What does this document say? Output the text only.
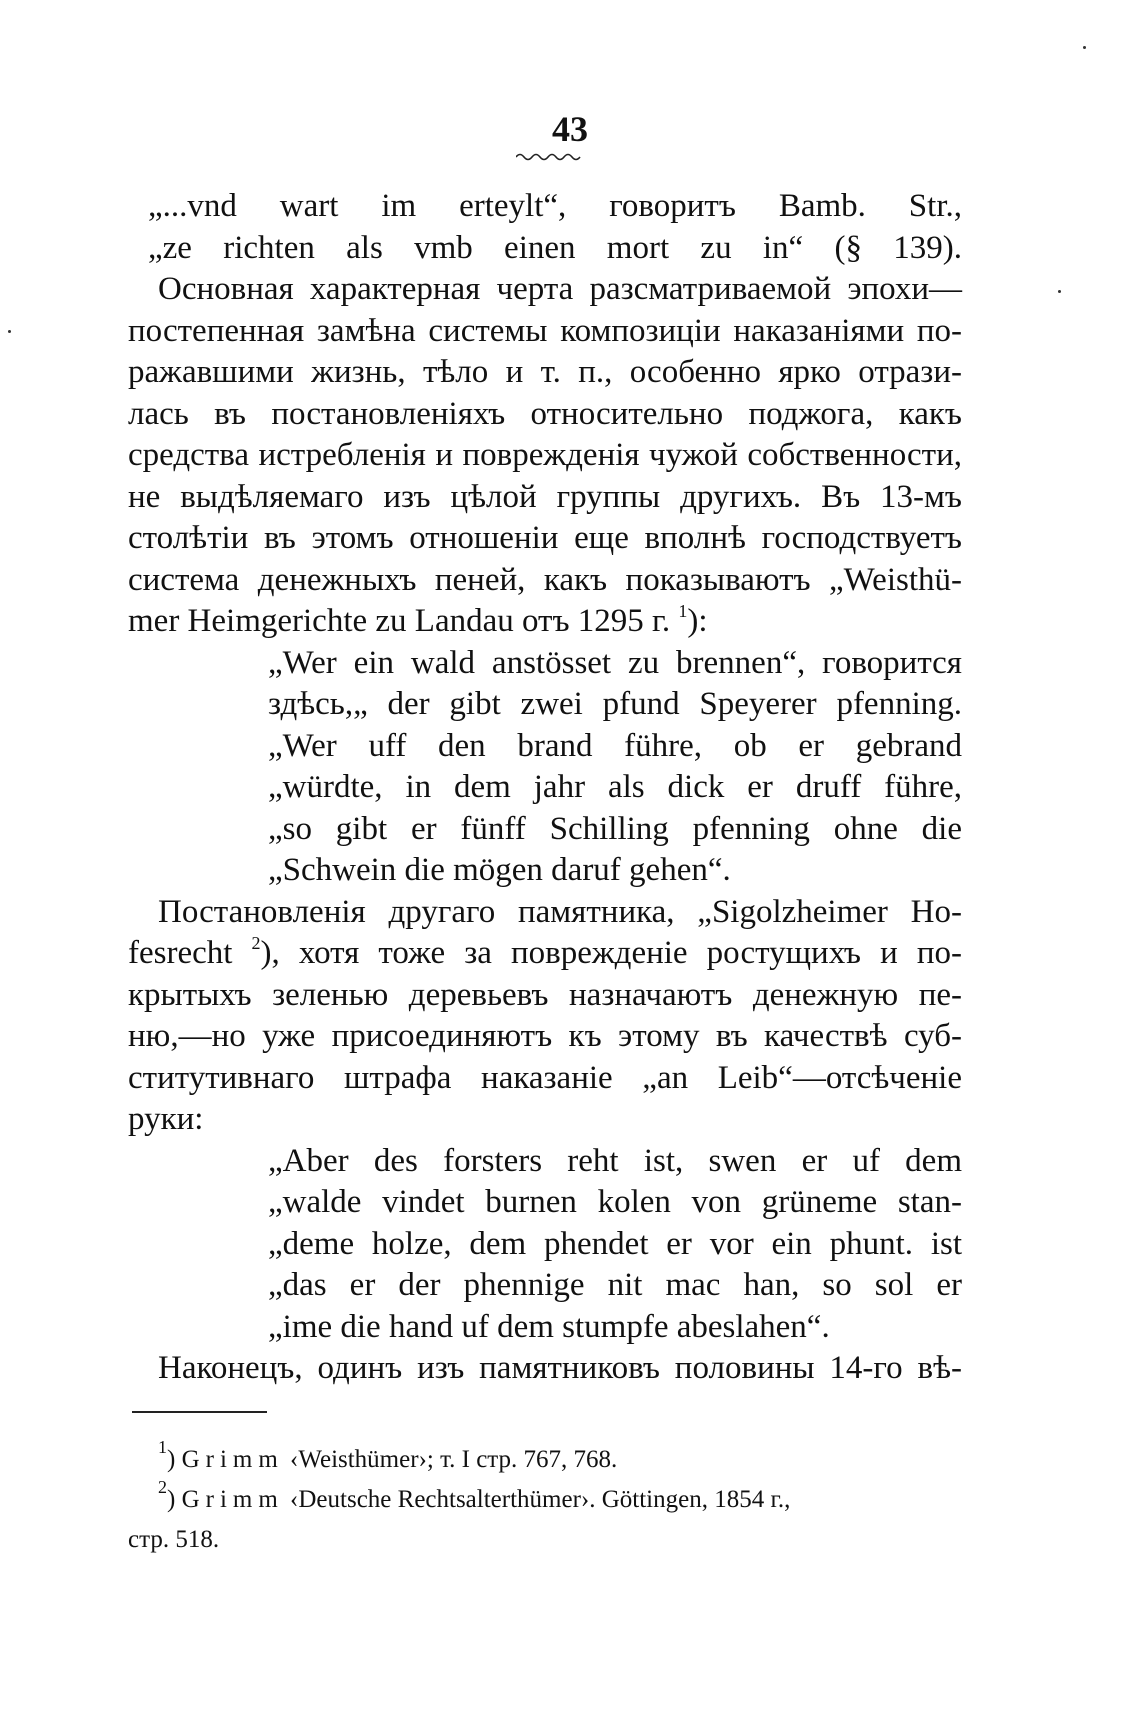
43
„...vnd wart im erteylt“, говоритъ Bamb. Str.,
„ze richten als vmb einen mort zu in“ (§ 139).
Основная характерная черта разсматриваемой эпохи—
постепенная замѣна системы композиціи наказаніями по-
ражавшими жизнь, тѣло и т. п., особенно ярко отрази-
лась въ постановленіяхъ относительно поджога, какъ
средства истребленія и поврежденія чужой собственности,
не выдѣляемаго изъ цѣлой группы другихъ. Въ 13-мъ
столѣтіи въ этомъ отношеніи еще вполнѣ господствуетъ
система денежныхъ пеней, какъ показываютъ „Weisthü-
mer Heimgerichte zu Landau отъ 1295 г. $^1$):
„Wer ein wald anstösset zu brennen“, говорится
здѣсь,„ der gibt zwei pfund Speyerer pfenning.
„Wer uff den brand führe, ob er gebrand
„würdte, in dem jahr als dick er druff führe,
„so gibt er fünff Schilling pfenning ohne die
„Schwein die mögen daruf gehen“.
Постановленія другаго памятника, „Sigolzheimer Ho-
fesrecht $^2$), хотя тоже за поврежденіе ростущихъ и по-
крытыхъ зеленью деревьевъ назначаютъ денежную пе-
ню,—но уже присоединяютъ къ этому въ качествѣ суб-
ститутивнаго штрафа наказаніе „an Leib“—отсѣченіе
руки:
„Aber des forsters reht ist, swen er uf dem
„walde vindet burnen kolen von grüneme stan-
„deme holze, dem phendet er vor ein phunt. ist
„das er der phennige nit mac han, so sol er
„ime die hand uf dem stumpfe abeslahen“.
Наконецъ, одинъ изъ памятниковъ половины 14-го вѣ-
$^1$) Grimm ‹Weisthümer›; т. I стр. 767, 768.
$^2$) Grimm ‹Deutsche Rechtsalterthümer›. Göttingen, 1854 г.,
стр. 518.
